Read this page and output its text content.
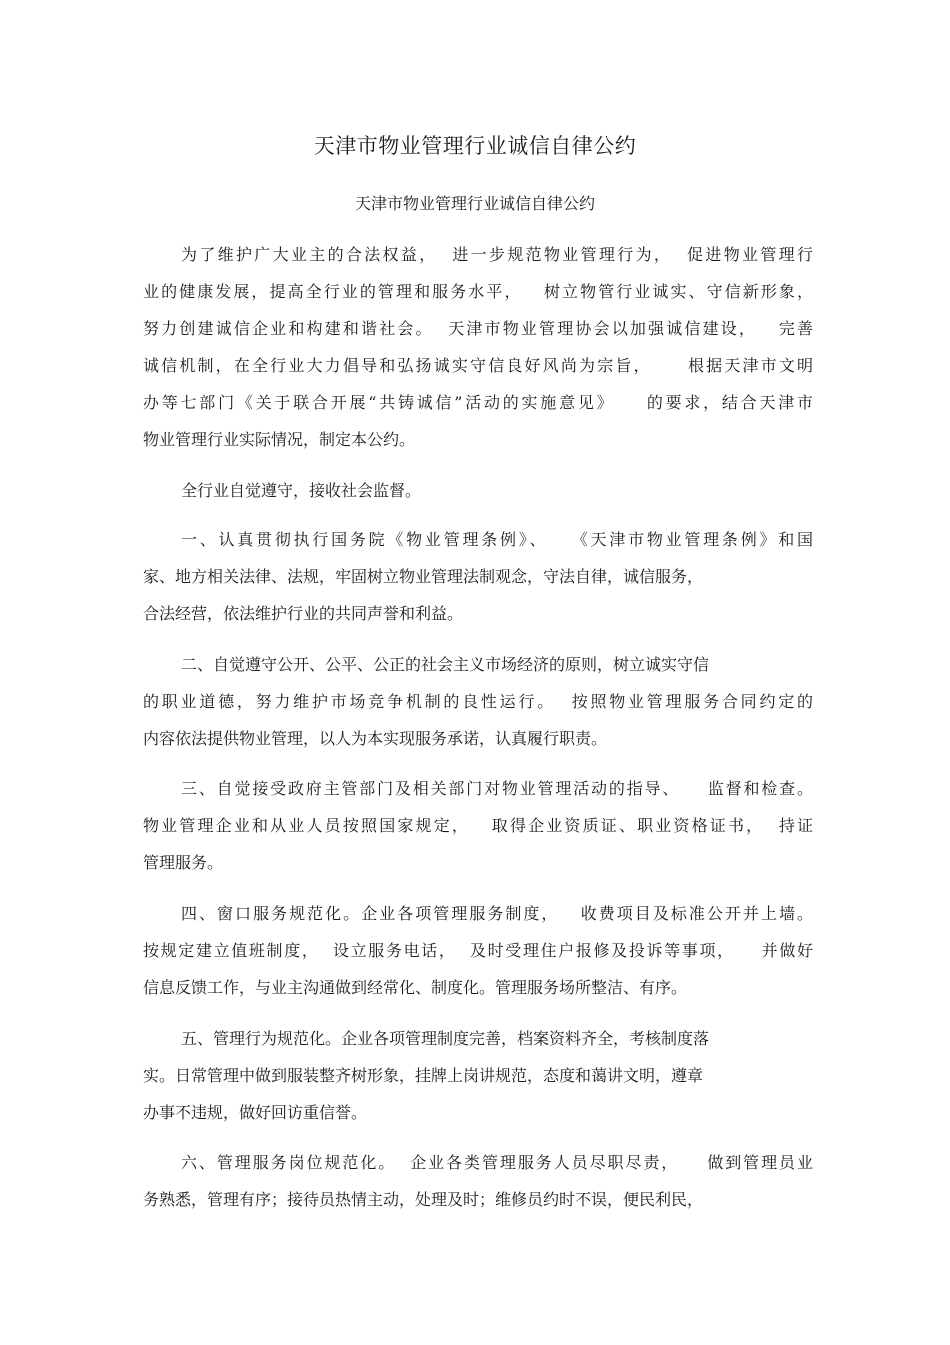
天津市物业管理行业诚信自律公约
天津市物业管理行业诚信自律公约
为了维护广大业主的合法权益，  进一步规范物业管理行为，  促进物业管理行
业的健康发展，提高全行业的管理和服务水平，   树立物管行业诚实、守信新形象，
努力创建诚信企业和构建和谐社会。  天津市物业管理协会以加强诚信建设，   完善
诚信机制，在全行业大力倡导和弘扬诚实守信良好风尚为宗旨，     根据天津市文明
办等七部门《关于联合开展“共铸诚信”活动的实施意见》    的要求，结合天津市
物业管理行业实际情况，制定本公约。
全行业自觉遵守，接收社会监督。
一、认真贯彻执行国务院《物业管理条例》、   《天津市物业管理条例》和国
家、地方相关法律、法规，牢固树立物业管理法制观念，守法自律，诚信服务，
合法经营，依法维护行业的共同声誉和利益。
二、自觉遵守公开、公平、公正的社会主义市场经济的原则，树立诚实守信
的职业道德，努力维护市场竞争机制的良性运行。  按照物业管理服务合同约定的
内容依法提供物业管理，以人为本实现服务承诺，认真履行职责。
三、自觉接受政府主管部门及相关部门对物业管理活动的指导、    监督和检查。
物业管理企业和从业人员按照国家规定，   取得企业资质证、职业资格证书，  持证
管理服务。
四、窗口服务规范化。企业各项管理服务制度，   收费项目及标准公开并上墙。
按规定建立值班制度，  设立服务电话，  及时受理住户报修及投诉等事项，    并做好
信息反馈工作，与业主沟通做到经常化、制度化。管理服务场所整洁、有序。
五、管理行为规范化。企业各项管理制度完善，档案资料齐全，考核制度落
实。日常管理中做到服装整齐树形象，挂牌上岗讲规范，态度和蔼讲文明，遵章
办事不违规，做好回访重信誉。
六、管理服务岗位规范化。  企业各类管理服务人员尽职尽责，    做到管理员业
务熟悉，管理有序；接待员热情主动，处理及时；维修员约时不误，便民利民，
